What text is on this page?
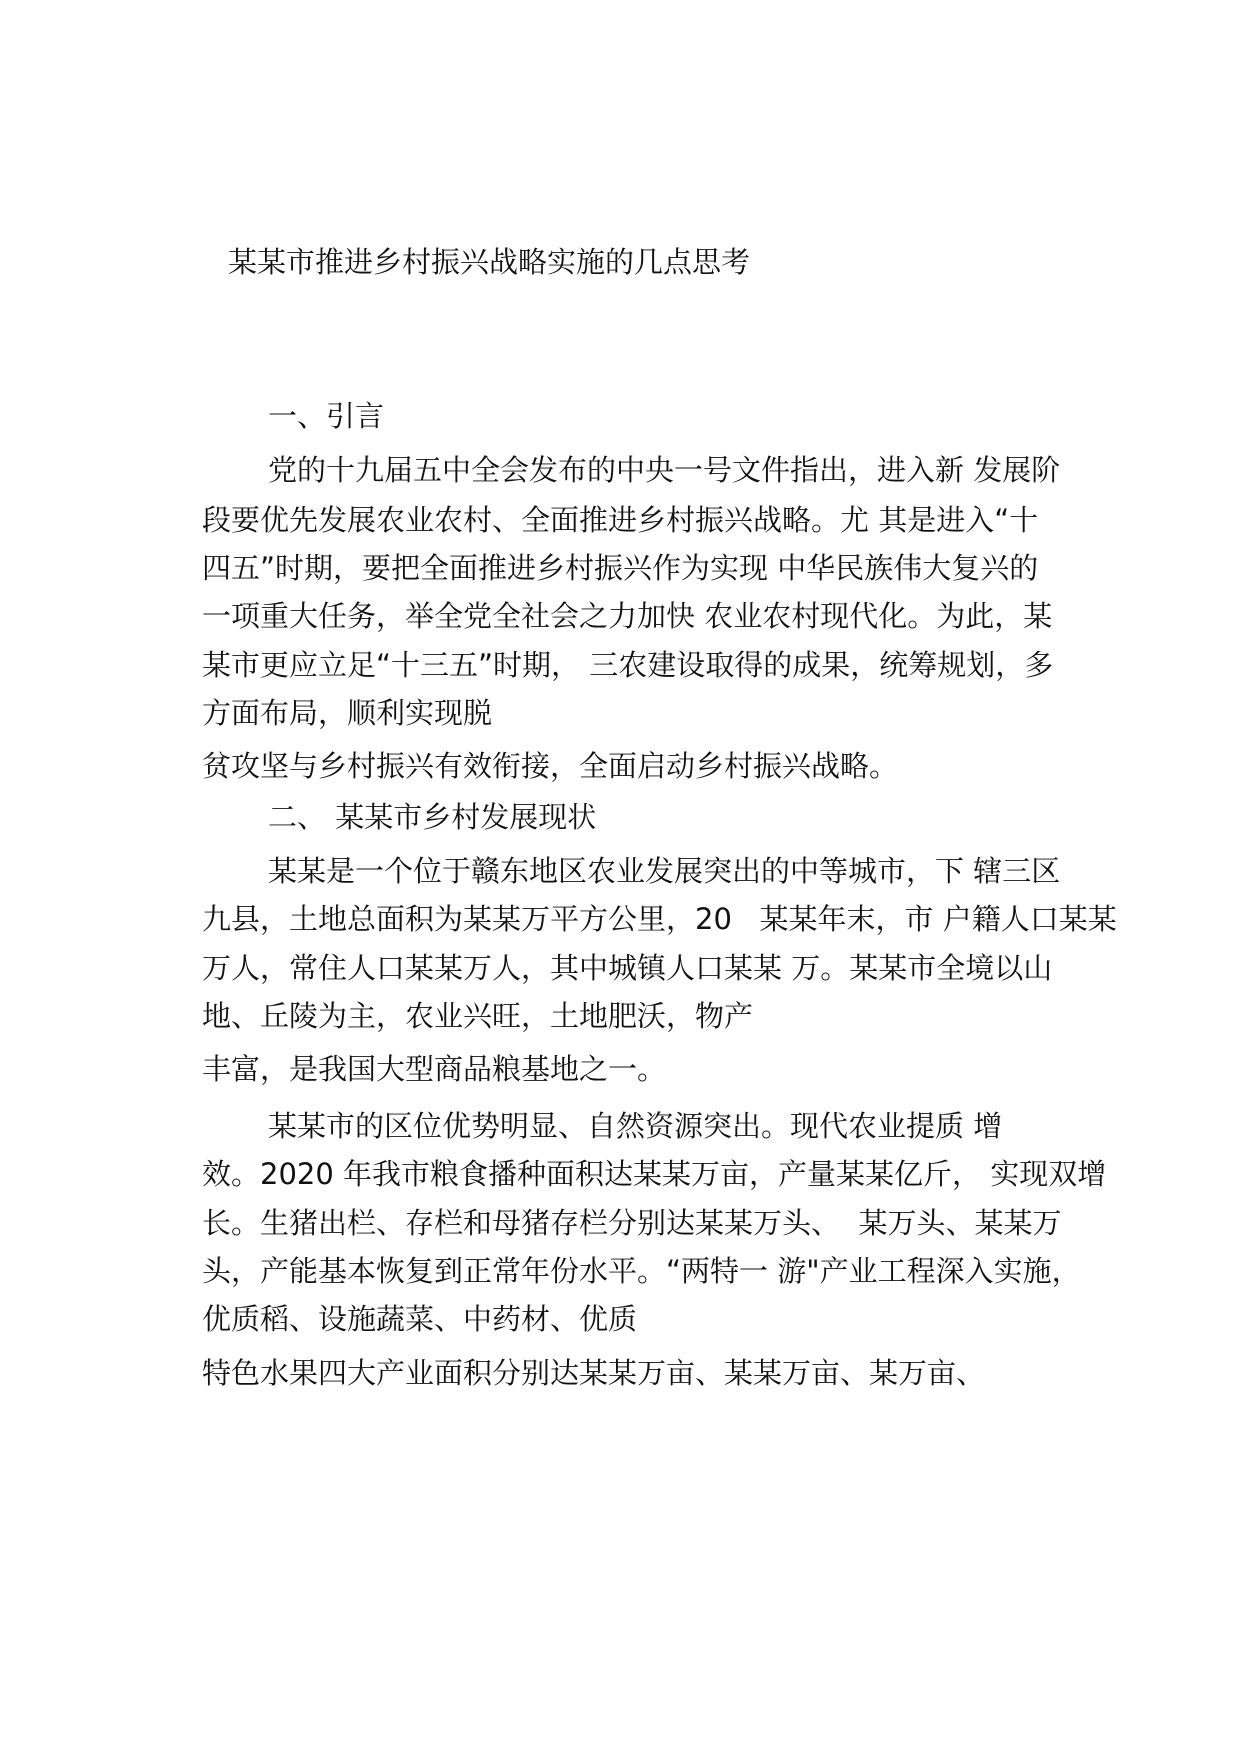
某某市推进乡村振兴战略实施的几点思考
一、引言
党的十九届五中全会发布的中央一号文件指出，进入新 发展阶
段要优先发展农业农村、全面推进乡村振兴战略。尤 其是进入“十
四五”时期，要把全面推进乡村振兴作为实现 中华民族伟大复兴的
一项重大任务，举全党全社会之力加快 农业农村现代化。为此，某
某市更应立足“十三五”时期， 三农建设取得的成果，统筹规划，多
方面布局，顺利实现脱
贫攻坚与乡村振兴有效衔接，全面启动乡村振兴战略。
二、 某某市乡村发展现状
某某是一个位于赣东地区农业发展突出的中等城市，下 辖三区
九县，土地总面积为某某万平方公里，20   某某年末，市 户籍人口某某
万人，常住人口某某万人，其中城镇人口某某 万。某某市全境以山
地、丘陵为主，农业兴旺，土地肥沃，物产
丰富，是我国大型商品粮基地之一。
某某市的区位优势明显、自然资源突出。现代农业提质 增
效。2020 年我市粮食播种面积达某某万亩，产量某某亿斤， 实现双增
长。生猪出栏、存栏和母猪存栏分别达某某万头、  某万头、某某万
头，产能基本恢复到正常年份水平。“两特一 游"产业工程深入实施，
优质稻、设施蔬菜、中药材、优质
特色水果四大产业面积分别达某某万亩、某某万亩、某万亩、
